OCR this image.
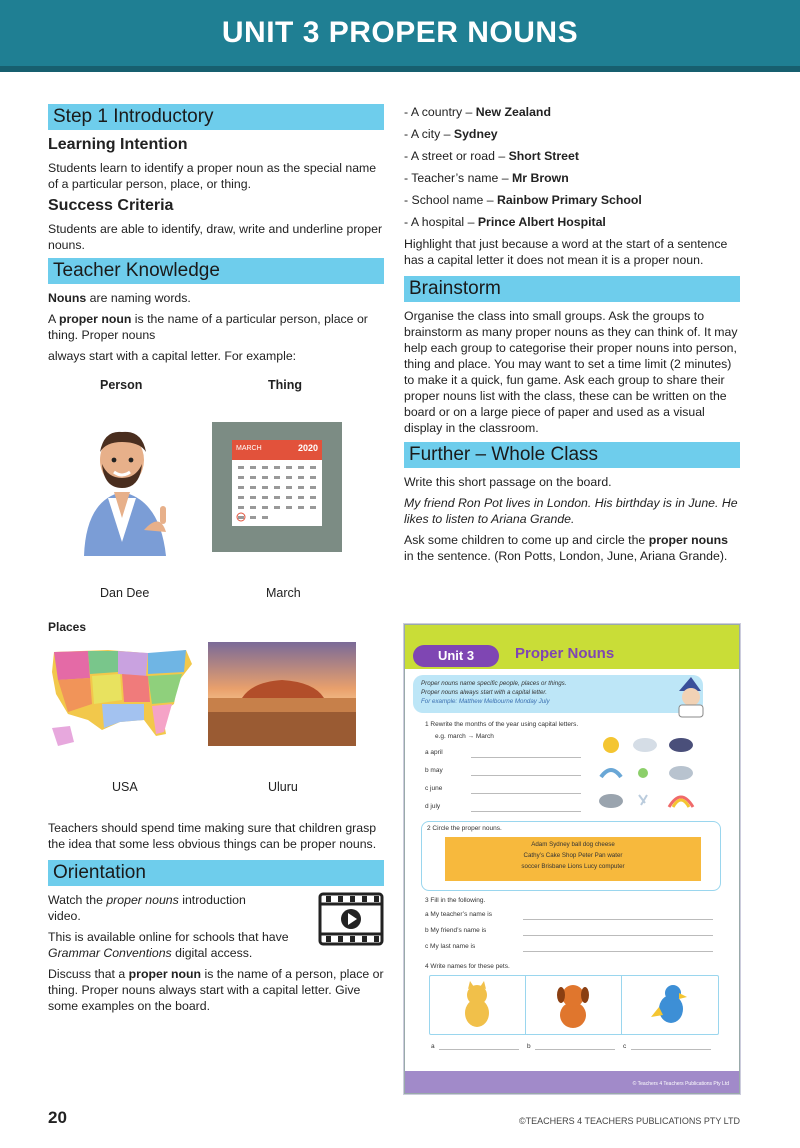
UNIT 3 PROPER NOUNS
Step 1 Introductory
Learning Intention

Students learn to identify a proper noun as the special name of a particular person, place, or thing.

Success Criteria

Students are able to identify, draw, write and underline proper nouns.

Teacher Knowledge

Nouns are naming words.

A proper noun is the name of a particular person, place or thing. Proper nouns

always start with a capital letter. For example:

Person	Thing
MARCH	2020
Dan Dee	March
Places
USA	Uluru

Teachers should spend time making sure that children grasp the idea that some less obvious things can be proper nouns.

Orientation

Watch the proper nouns introduction video.

This is available online for schools that have Grammar Conventions digital access.

Discuss that a proper noun is the name of a person, place or thing. Proper nouns always start with a capital letter. Give some examples on the board.

- A country – New Zealand
- A city – Sydney
- A street or road – Short Street
- Teacher’s name – Mr Brown
- School name – Rainbow Primary School
- A hospital – Prince Albert Hospital

Highlight that just because a word at the start of a sentence has a capital letter it does not mean it is a proper noun.

Brainstorm

Organise the class into small groups. Ask the groups to brainstorm as many proper nouns as they can think of. It may help each group to categorise their proper nouns into person, thing and place. You may want to set a time limit (2 minutes) to make it a quick, fun game. Ask each group to share their proper nouns list with the class, these can be written on the board or on a large piece of paper and used as a visual display in the classroom.

Further – Whole Class

Write this short passage on the board.

My friend Ron Pot lives in London. His birthday is in June. He likes to listen to Ariana Grande.

Ask some children to come up and circle the proper nouns in the sentence. (Ron Potts, London, June, Ariana Grande).

Unit 3	Proper Nouns
Proper nouns name specific people, places or things.
Proper nouns always start with a capital letter.
For example: Matthew Melbourne Monday July
1 Rewrite the months of the year using capital letters.
e.g. march → March
a april
b may
c june
d july
2 Circle the proper nouns.
Adam Sydney ball dog cheese
Cathy’s Cake Shop Peter Pan water
soccer Brisbane Lions Lucy computer
3 Fill in the following.
a My teacher’s name is
b My friend’s name is
c My last name is
4 Write names for these pets.
a	b	c
© Teachers 4 Teachers Publications Pty Ltd
20	©TEACHERS 4 TEACHERS PUBLICATIONS PTY LTD
